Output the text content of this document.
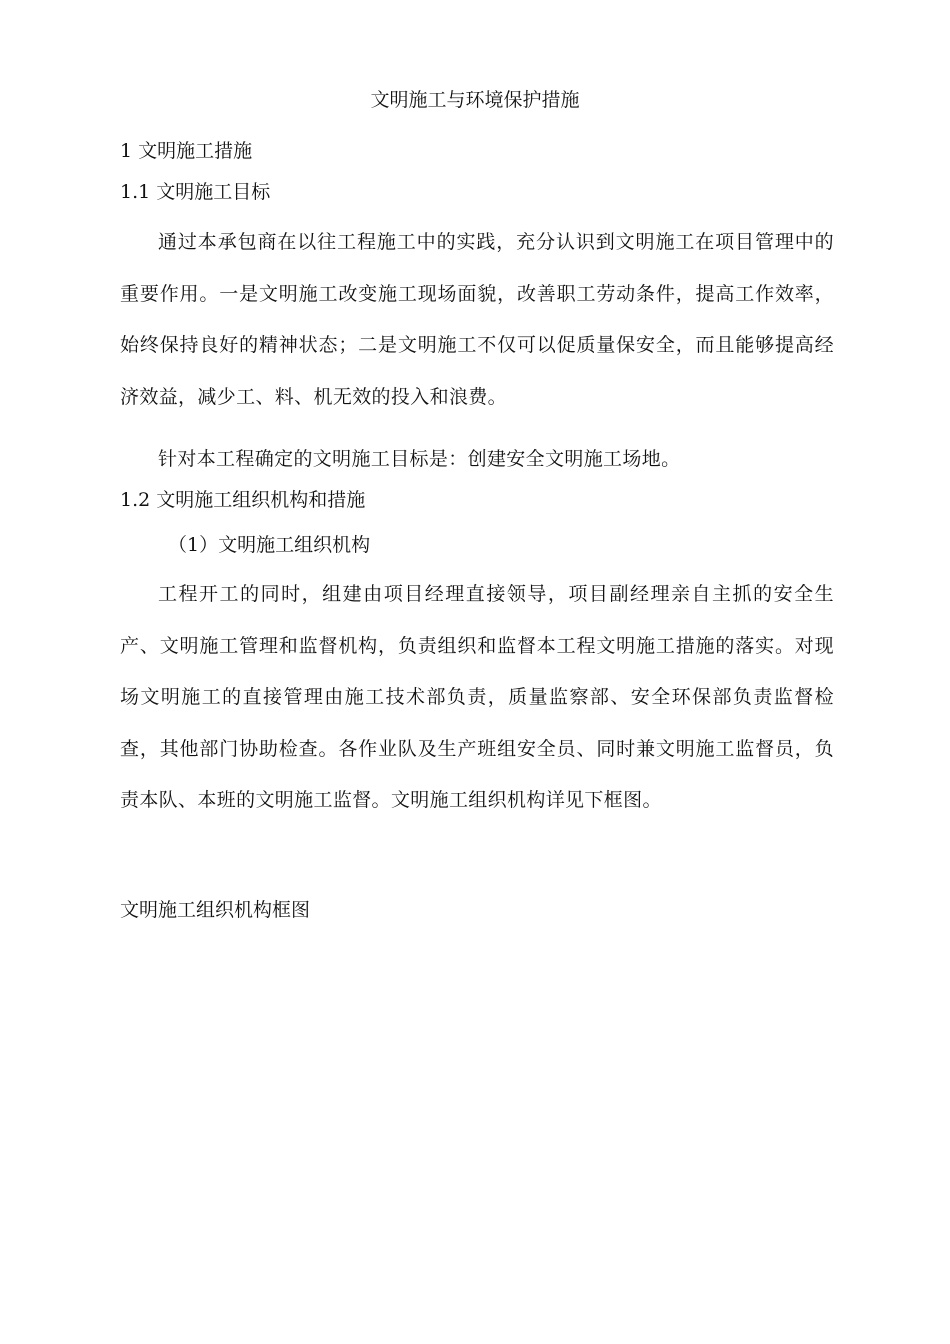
文明施工与环境保护措施
1 文明施工措施
1.1 文明施工目标
通过本承包商在以往工程施工中的实践，充分认识到文明施工在项目管理中的重要作用。一是文明施工改变施工现场面貌，改善职工劳动条件，提高工作效率，始终保持良好的精神状态；二是文明施工不仅可以促质量保安全，而且能够提高经济效益，减少工、料、机无效的投入和浪费。
针对本工程确定的文明施工目标是：创建安全文明施工场地。
1.2 文明施工组织机构和措施
（1）文明施工组织机构
工程开工的同时，组建由项目经理直接领导，项目副经理亲自主抓的安全生产、文明施工管理和监督机构，负责组织和监督本工程文明施工措施的落实。对现场文明施工的直接管理由施工技术部负责，质量监察部、安全环保部负责监督检查，其他部门协助检查。各作业队及生产班组安全员、同时兼文明施工监督员，负责本队、本班的文明施工监督。文明施工组织机构详见下框图。
文明施工组织机构框图
